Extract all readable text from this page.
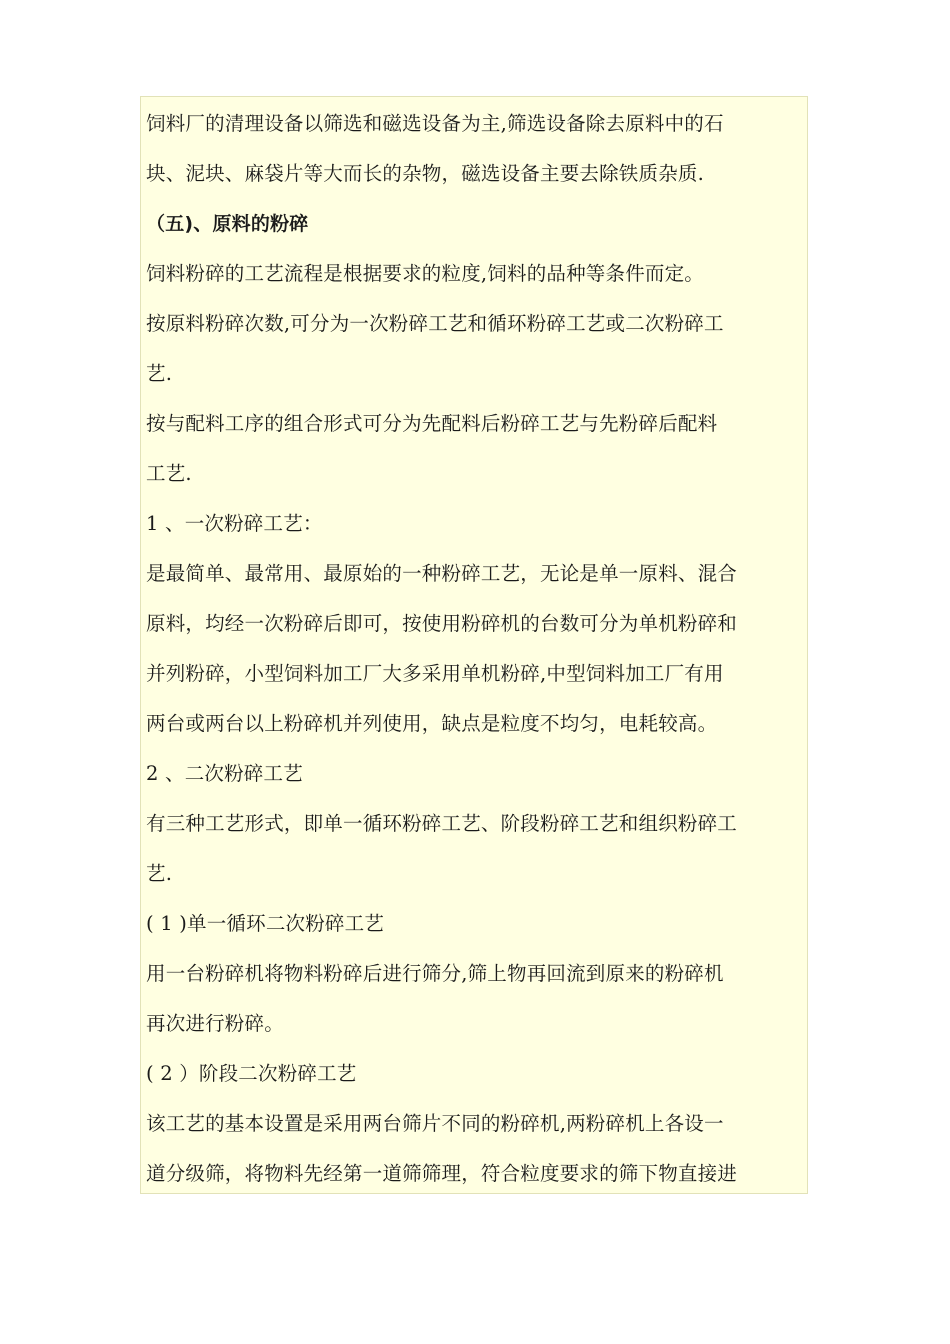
饲料厂的清理设备以筛选和磁选设备为主,筛选设备除去原料中的石
块、泥块、麻袋片等大而长的杂物，磁选设备主要去除铁质杂质.
（五)、原料的粉碎
饲料粉碎的工艺流程是根据要求的粒度,饲料的品种等条件而定。
按原料粉碎次数,可分为一次粉碎工艺和循环粉碎工艺或二次粉碎工
艺.
按与配料工序的组合形式可分为先配料后粉碎工艺与先粉碎后配料
工艺.
1 、一次粉碎工艺：
是最简单、最常用、最原始的一种粉碎工艺，无论是单一原料、混合
原料，均经一次粉碎后即可，按使用粉碎机的台数可分为单机粉碎和
并列粉碎，小型饲料加工厂大多采用单机粉碎,中型饲料加工厂有用
两台或两台以上粉碎机并列使用，缺点是粒度不均匀，电耗较高。
2 、二次粉碎工艺
有三种工艺形式，即单一循环粉碎工艺、阶段粉碎工艺和组织粉碎工
艺.
( 1 )单一循环二次粉碎工艺
用一台粉碎机将物料粉碎后进行筛分,筛上物再回流到原来的粉碎机
再次进行粉碎。
( 2 ）阶段二次粉碎工艺
该工艺的基本设置是采用两台筛片不同的粉碎机,两粉碎机上各设一
道分级筛，将物料先经第一道筛筛理，符合粒度要求的筛下物直接进
